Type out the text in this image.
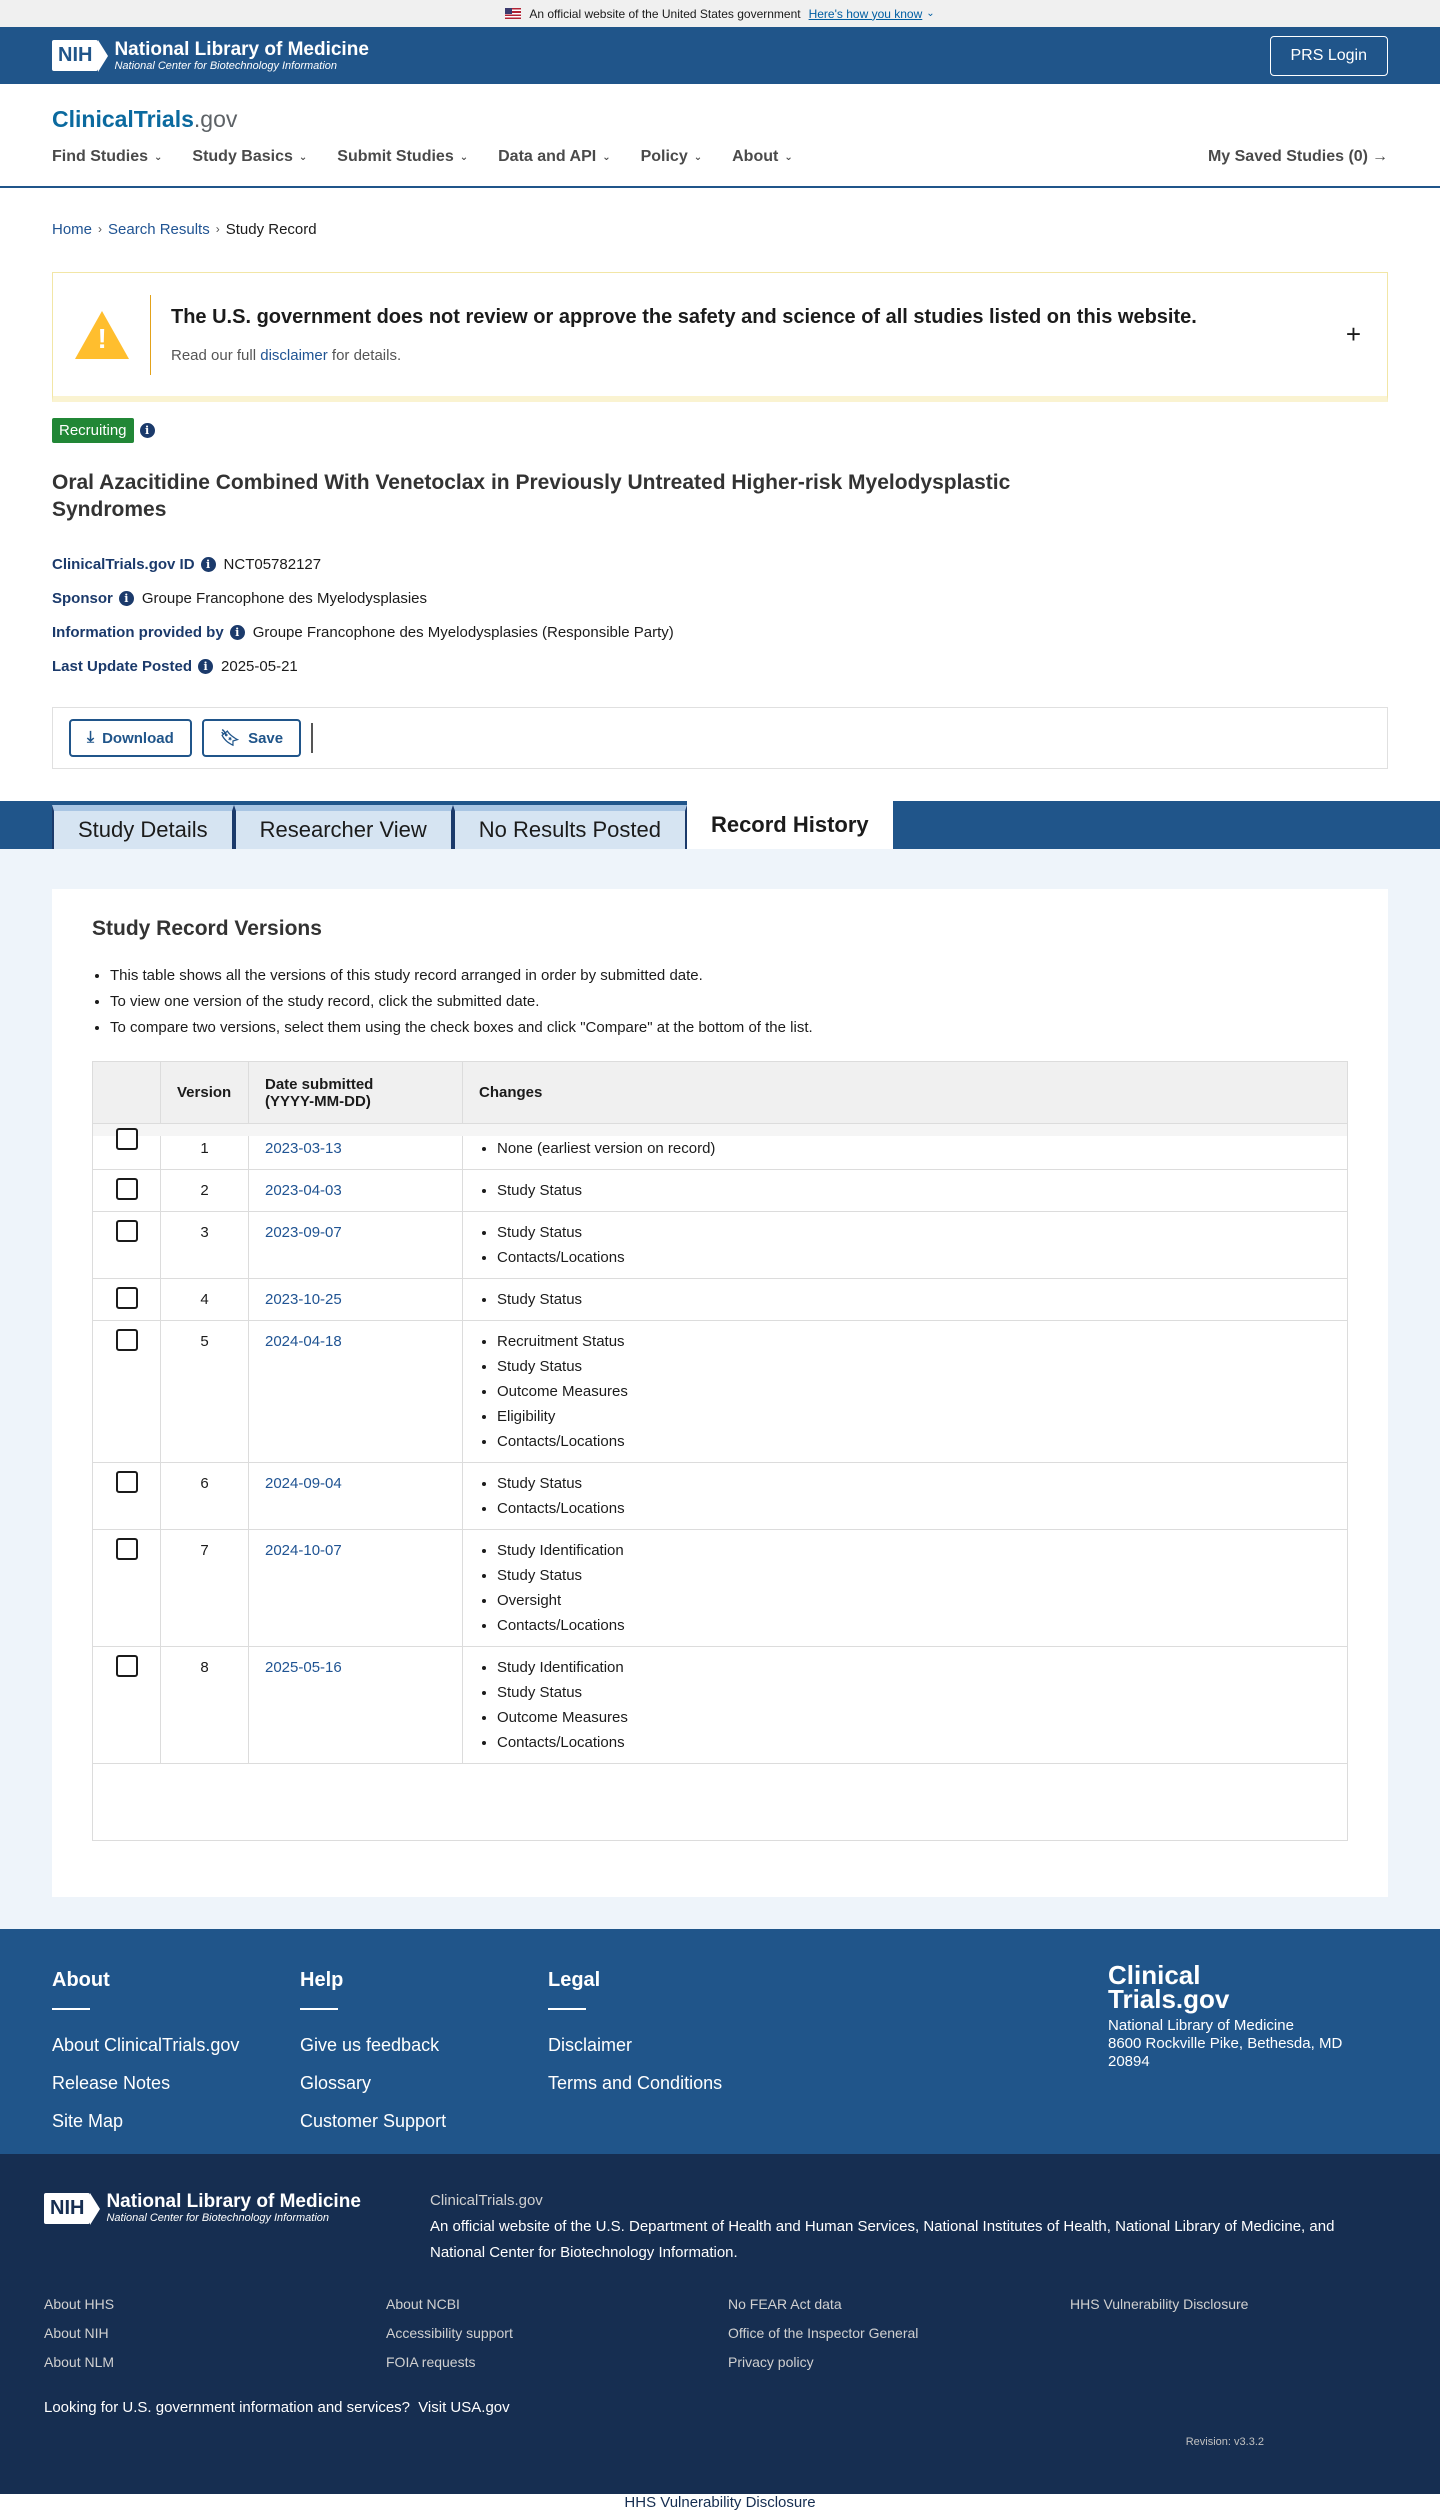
An official website of the United States government Here's how you know ⌄
NIH	National Library of Medicine
National Center for Biotechnology Information
PRS Login
ClinicalTrials.gov
Find Studies ⌄ Study Basics ⌄ Submit Studies ⌄ Data and API ⌄ Policy ⌄ About ⌄	My Saved Studies (0) →
Home › Search Results › Study Record
!
The U.S. government does not review or approve the safety and science of all studies listed on this website.
Read our full disclaimer for details.
+
Recruiting	i
Oral Azacitidine Combined With Venetoclax in Previously Untreated Higher-risk Myelodysplastic Syndromes
ClinicalTrials.gov ID	i NCT05782127
Sponsor	i Groupe Francophone des Myelodysplasies
Information provided by	i Groupe Francophone des Myelodysplasies (Responsible Party)
Last Update Posted	i 2025-05-21
⤓ Download	🔖︎ Save
Study Details	Researcher View	No Results Posted	Record History
Study Record Versions
• This table shows all the versions of this study record arranged in order by submitted date.
• To view one version of the study record, click the submitted date.
• To compare two versions, select them using the check boxes and click "Compare" at the bottom of the list.
Version	Date submitted
(YYYY-MM-DD)	Changes
1	2023-03-13	• None (earliest version on record)
2	2023-04-03	• Study Status
3	2023-09-07	• Study Status
• Contacts/Locations
4	2023-10-25	• Study Status
5	2024-04-18	• Recruitment Status
• Study Status
• Outcome Measures
• Eligibility
• Contacts/Locations
6	2024-09-04	• Study Status
• Contacts/Locations
7	2024-10-07	• Study Identification
• Study Status
• Oversight
• Contacts/Locations
8	2025-05-16	• Study Identification
• Study Status
• Outcome Measures
• Contacts/Locations
About
About ClinicalTrials.gov
Release Notes
Site Map
Help
Give us feedback
Glossary
Customer Support
Legal
Disclaimer
Terms and Conditions
Clinical
Trials.gov
National Library of Medicine
8600 Rockville Pike, Bethesda, MD 20894
NIH	National Library of Medicine
National Center for Biotechnology Information
ClinicalTrials.gov
An official website of the U.S. Department of Health and Human Services, National Institutes of Health, National Library of Medicine, and National Center for Biotechnology Information.
About HHS	About NCBI	No FEAR Act data	HHS Vulnerability Disclosure
About NIH	Accessibility support	Office of the Inspector General
About NLM	FOIA requests	Privacy policy
Looking for U.S. government information and services? Visit USA.gov
Revision: v3.3.2
HHS Vulnerability Disclosure
